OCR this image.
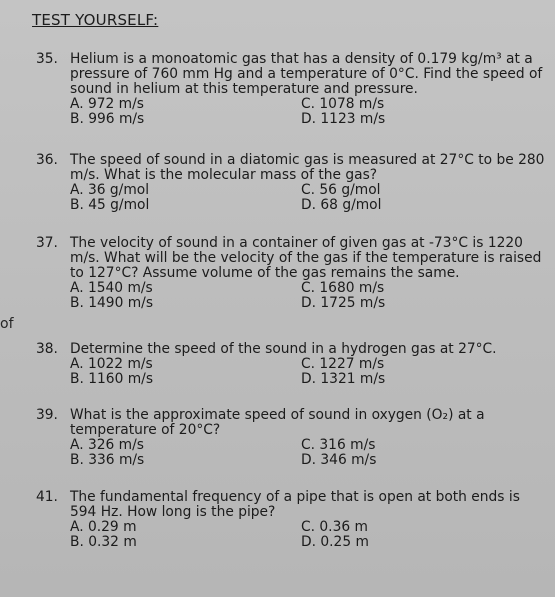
TEST YOURSELF:
of
35. Helium is a monoatomic gas that has a density of 0.179 kg/m³ at a pressure of 760 mm Hg and a temperature of 0°C. Find the speed of sound in helium at this temperature and pressure.
A. 972 m/s	C. 1078 m/s
B. 996 m/s	D. 1123 m/s
36. The speed of sound in a diatomic gas is measured at 27°C to be 280 m/s. What is the molecular mass of the gas?
A. 36 g/mol	C. 56 g/mol
B. 45 g/mol	D. 68 g/mol
37. The velocity of sound in a container of given gas at -73°C is 1220 m/s. What will be the velocity of the gas if the temperature is raised to 127°C? Assume volume of the gas remains the same.
A. 1540 m/s	C. 1680 m/s
B. 1490 m/s	D. 1725 m/s
38. Determine the speed of the sound in a hydrogen gas at 27°C.
A. 1022 m/s	C. 1227 m/s
B. 1160 m/s	D. 1321 m/s
39. What is the approximate speed of sound in oxygen (O₂) at a temperature of 20°C?
A. 326 m/s	C. 316 m/s
B. 336 m/s	D. 346 m/s
41. The fundamental frequency of a pipe that is open at both ends is 594 Hz. How long is the pipe?
A. 0.29 m	C. 0.36 m
B. 0.32 m	D. 0.25 m
